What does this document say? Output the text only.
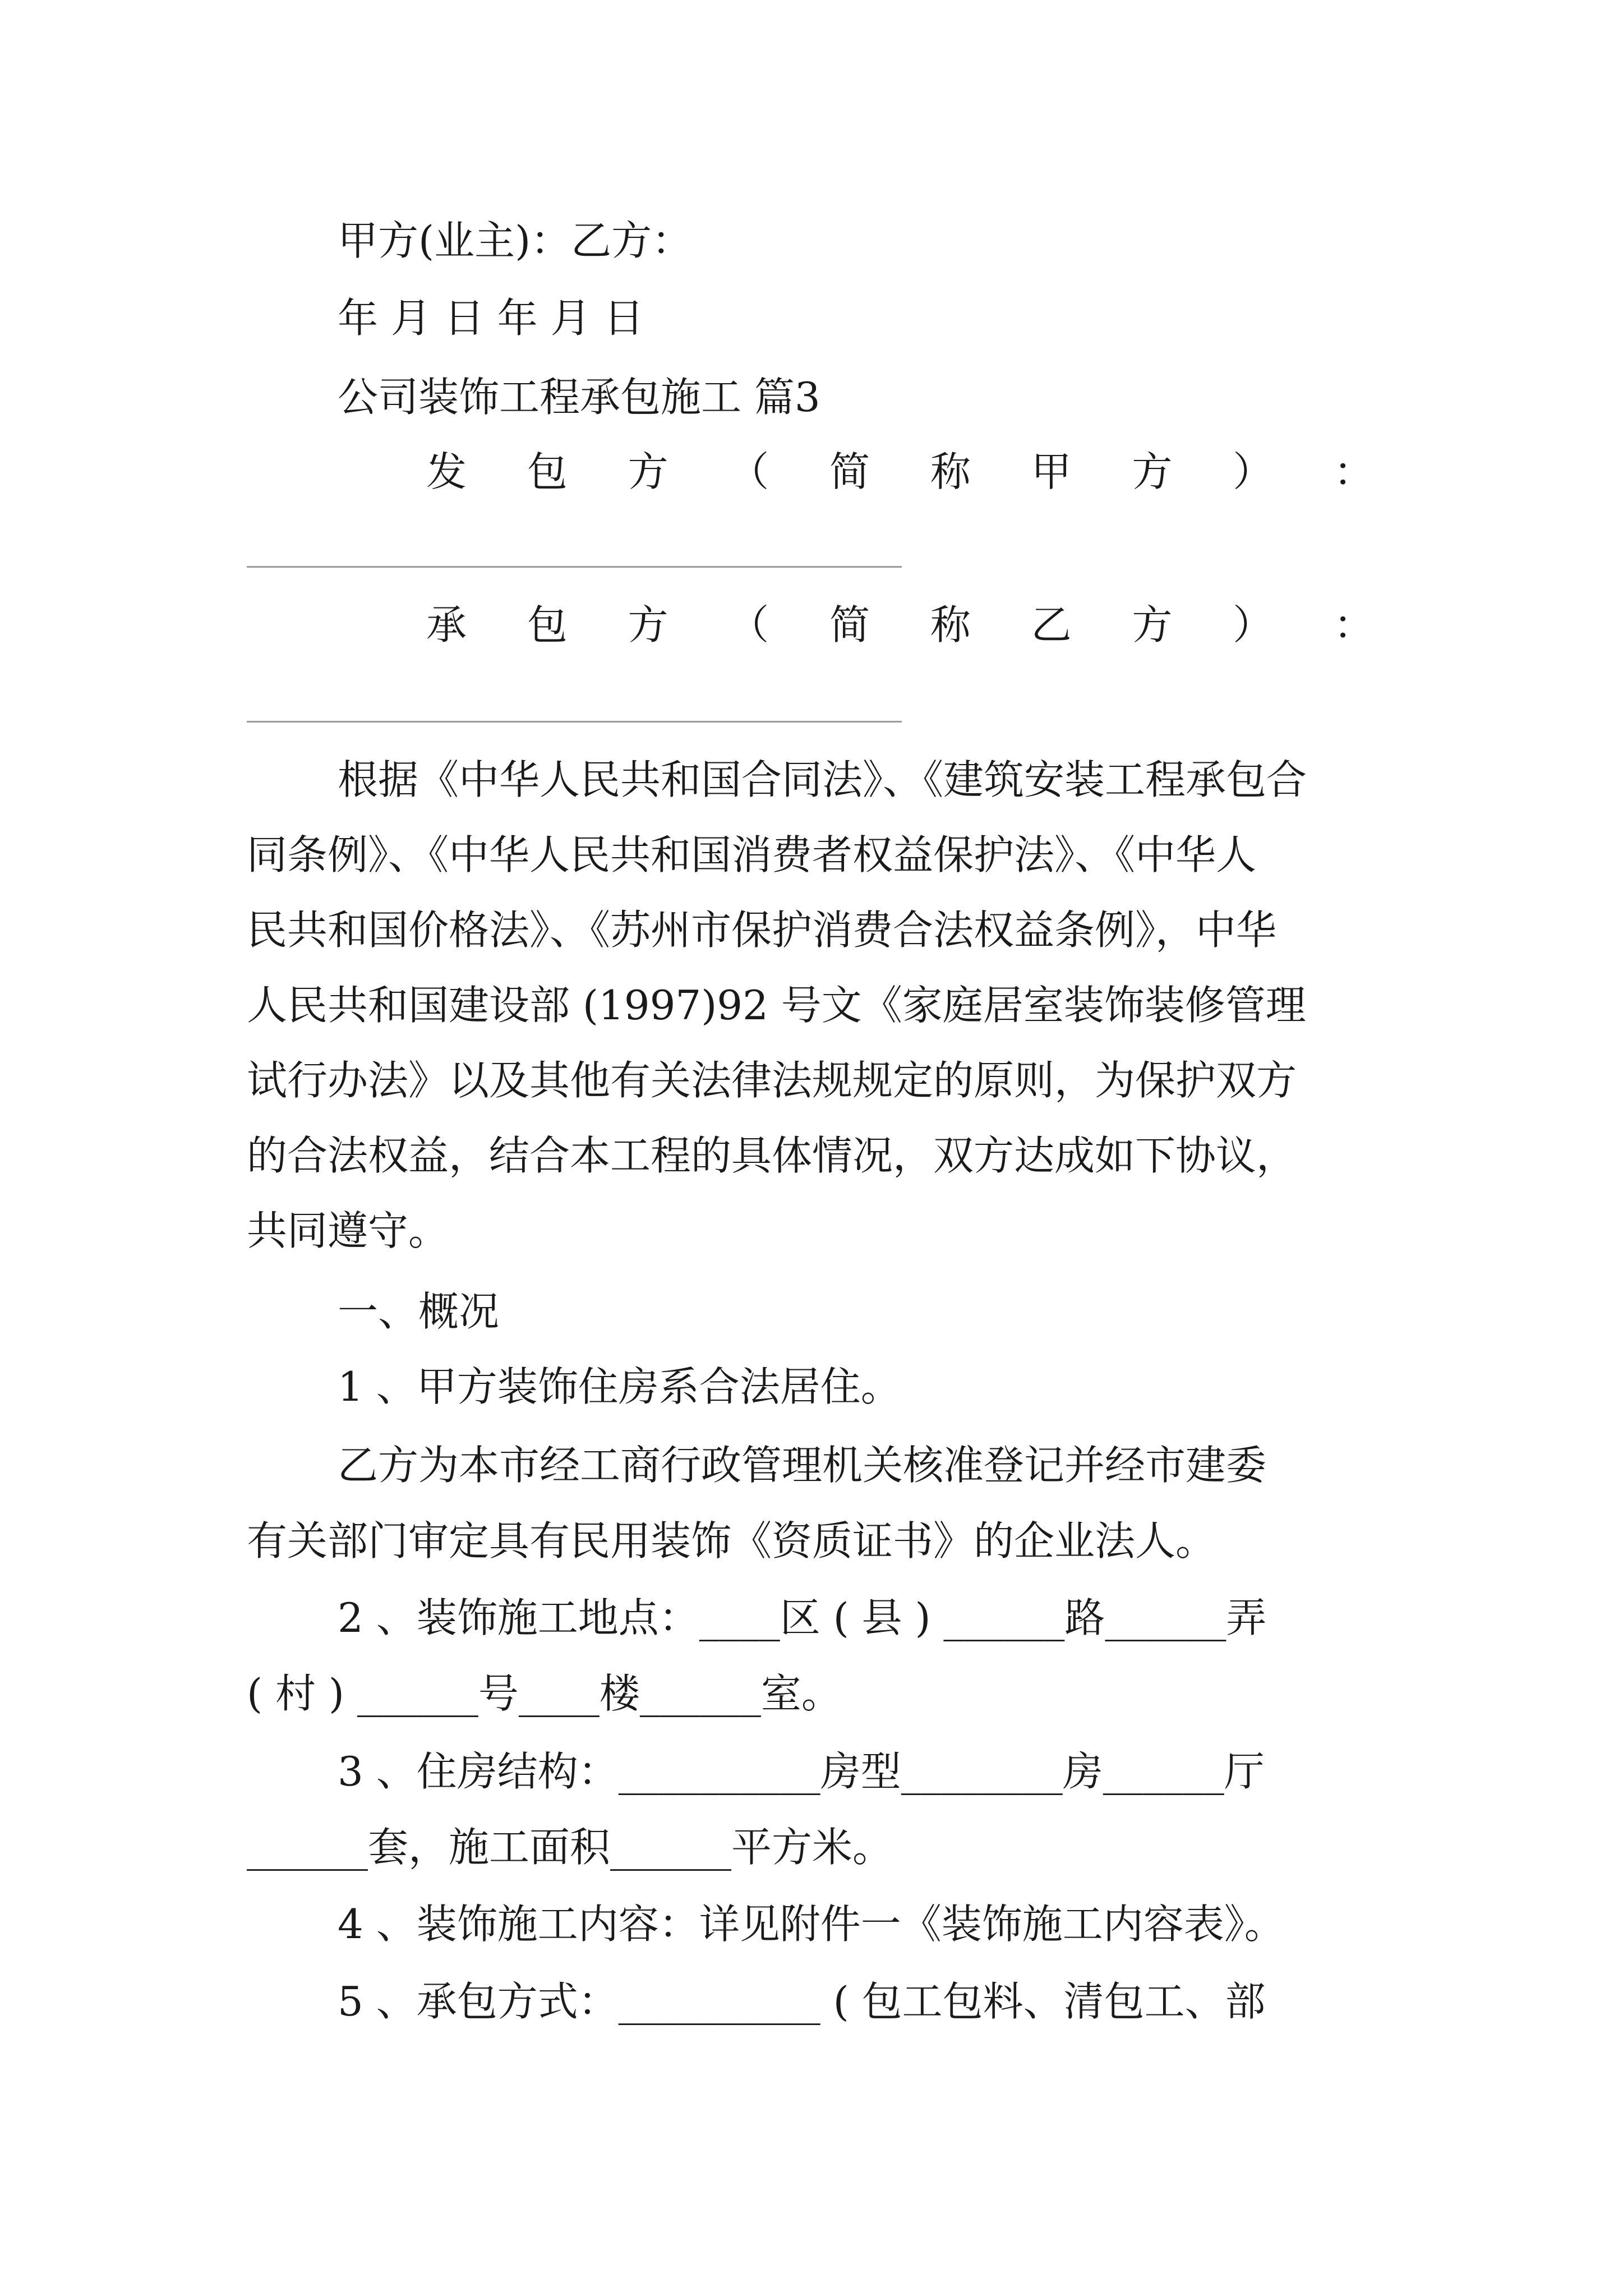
甲方(业主)：乙方：
年 月 日 年 月 日
公司装饰工程承包施工 篇3
发 包 方 （ 简 称 甲 方 ） ：
承 包 方 （ 简 称 乙 方 ） ：
根据《中华人民共和国合同法》、《建筑安装工程承包合
同条例》、《中华人民共和国消费者权益保护法》、《中华人
民共和国价格法》、《苏州市保护消费合法权益条例》，中华
人民共和国建设部 (1997)92 号文《家庭居室装饰装修管理
试行办法》以及其他有关法律法规规定的原则，为保护双方
的合法权益，结合本工程的具体情况，双方达成如下协议，
共同遵守。
一、概况
1 、甲方装饰住房系合法居住。
乙方为本市经工商行政管理机关核准登记并经市建委
有关部门审定具有民用装饰《资质证书》的企业法人。
2 、装饰施工地点：____区 ( 县 ) ______路______弄
( 村 ) ______号____楼______室。
3 、住房结构：__________房型________房______厅
______套，施工面积______平方米。
4 、装饰施工内容：详见附件一《装饰施工内容表》。
5 、承包方式：__________ ( 包工包料、清包工、部
